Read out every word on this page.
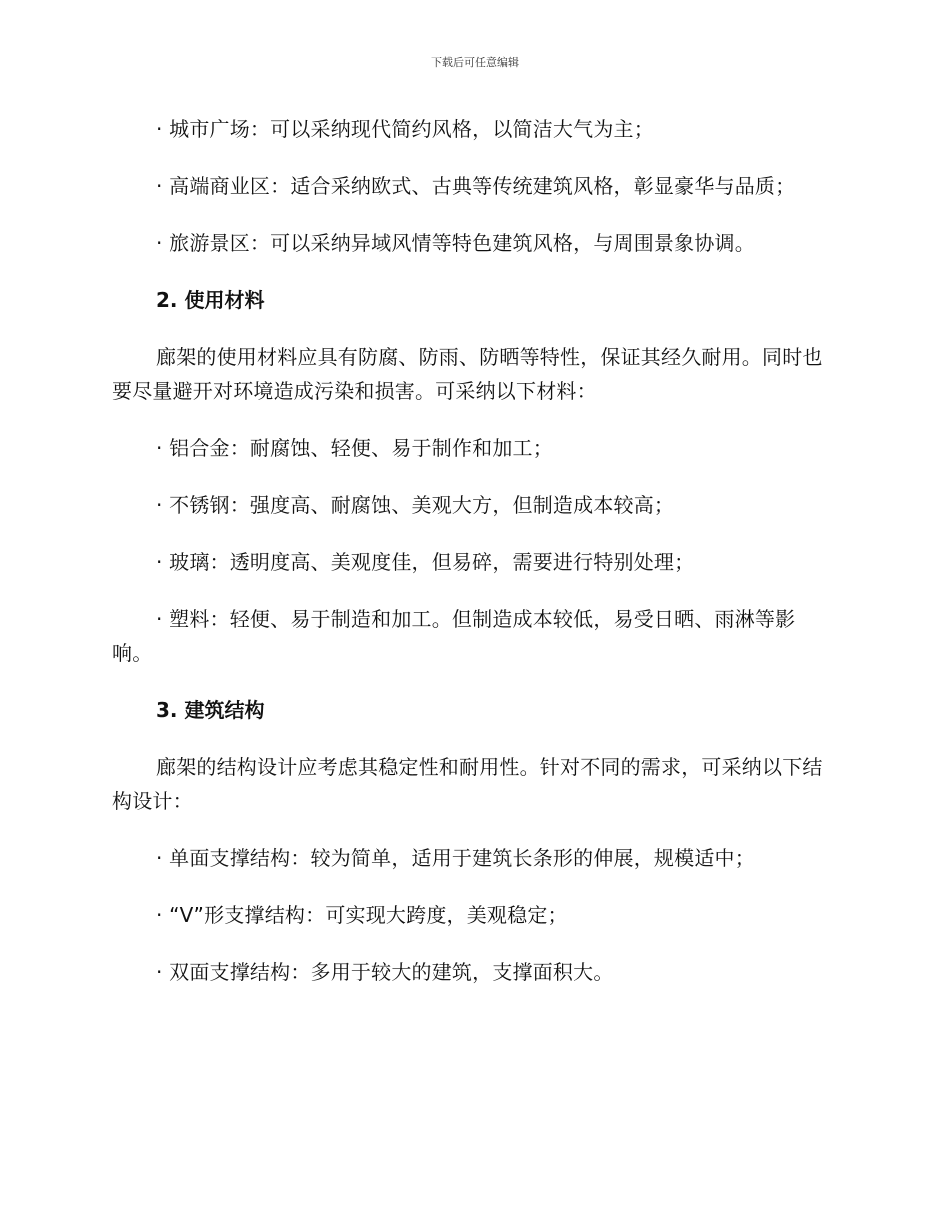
下载后可任意编辑

· 城市广场：可以采纳现代简约风格，以简洁大气为主；

· 高端商业区：适合采纳欧式、古典等传统建筑风格，彰显豪华与品质；

· 旅游景区：可以采纳异域风情等特色建筑风格，与周围景象协调。

2. 使用材料

廊架的使用材料应具有防腐、防雨、防晒等特性，保证其经久耐用。同时也要尽量避开对环境造成污染和损害。可采纳以下材料：

· 铝合金：耐腐蚀、轻便、易于制作和加工；

· 不锈钢：强度高、耐腐蚀、美观大方，但制造成本较高；

· 玻璃：透明度高、美观度佳，但易碎，需要进行特别处理；

· 塑料：轻便、易于制造和加工。但制造成本较低，易受日晒、雨淋等影响。

3. 建筑结构

廊架的结构设计应考虑其稳定性和耐用性。针对不同的需求，可采纳以下结构设计：

· 单面支撑结构：较为简单，适用于建筑长条形的伸展，规模适中；

· “V”形支撑结构：可实现大跨度，美观稳定；

· 双面支撑结构：多用于较大的建筑，支撑面积大。
